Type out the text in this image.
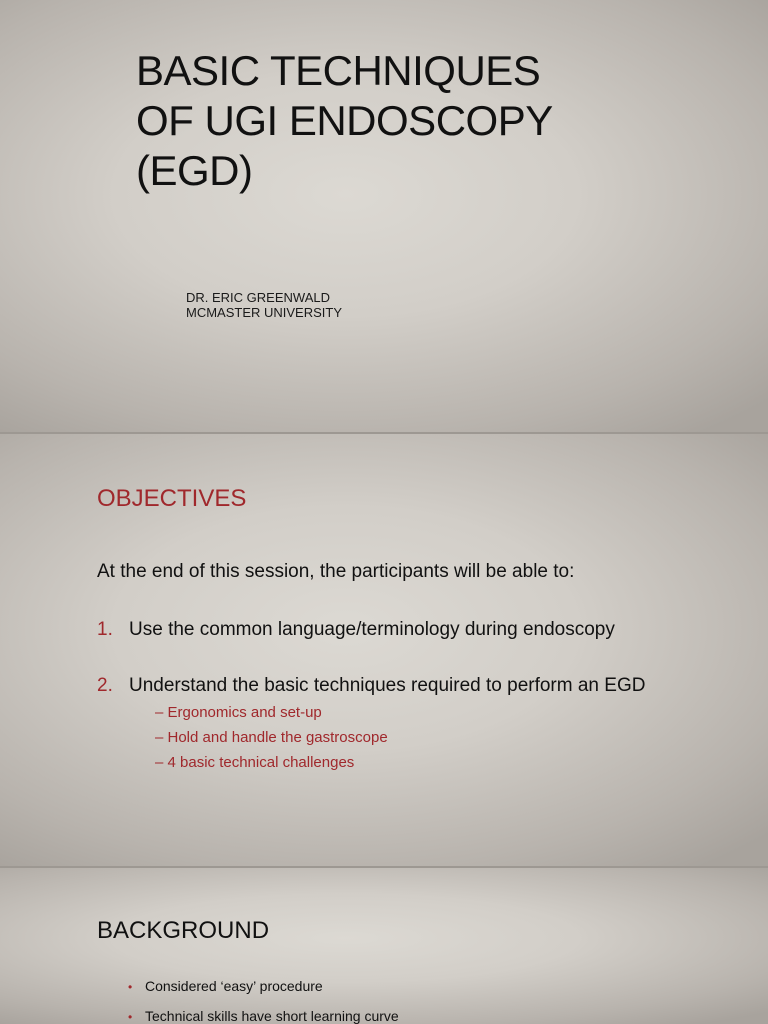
BASIC TECHNIQUES
OF UGI ENDOSCOPY
(EGD)
DR. ERIC GREENWALD
MCMASTER UNIVERSITY
OBJECTIVES
At the end of this session, the participants will be able to:
1. Use the common language/terminology during endoscopy
2. Understand the basic techniques required to perform an EGD
– Ergonomics and set-up
– Hold and handle the gastroscope
– 4 basic technical challenges
BACKGROUND
• Considered ‘easy’ procedure
• Technical skills have short learning curve
